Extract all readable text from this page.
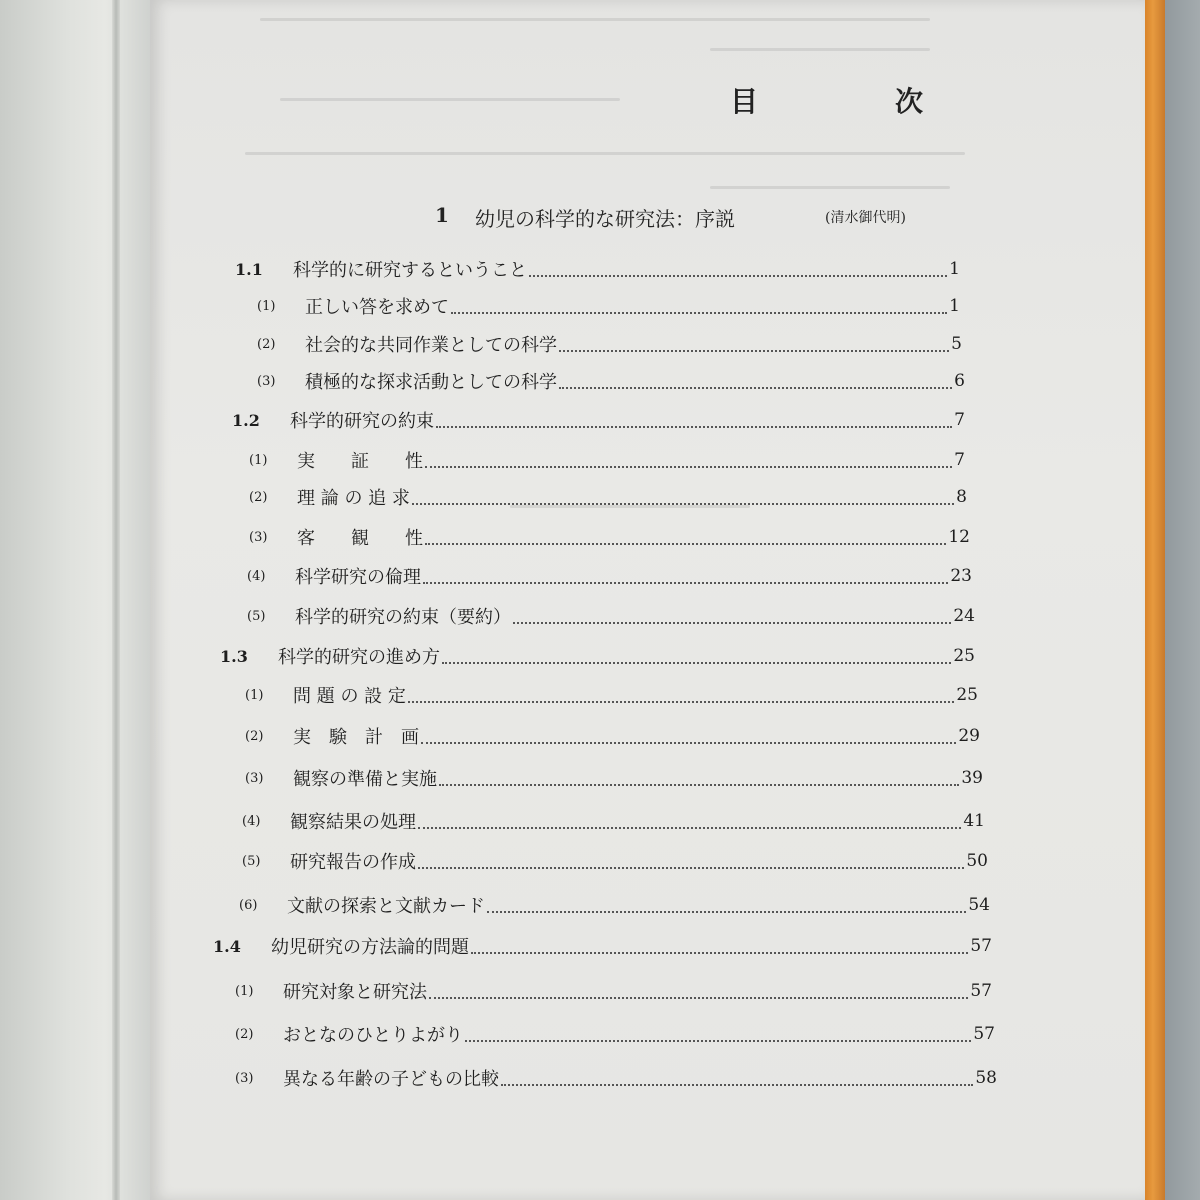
目	次
1 幼児の科学的な研究法：序説	(清水御代明)
1.1	科学的に研究するということ	1
(1)	正しい答を求めて	1
(2)	社会的な共同作業としての科学	5
(3)	積極的な探求活動としての科学	6
1.2	科学的研究の約束	7
(1)	実　　証　　性	7
(2)	理 論 の 追 求	8
(3)	客　　観　　性	12
(4)	科学研究の倫理	23
(5)	科学的研究の約束（要約）	24
1.3	科学的研究の進め方	25
(1)	問 題 の 設 定	25
(2)	実　験　計　画	29
(3)	観察の準備と実施	39
(4)	観察結果の処理	41
(5)	研究報告の作成	50
(6)	文献の探索と文献カード	54
1.4	幼児研究の方法論的問題	57
(1)	研究対象と研究法	57
(2)	おとなのひとりよがり	57
(3)	異なる年齢の子どもの比較	58
